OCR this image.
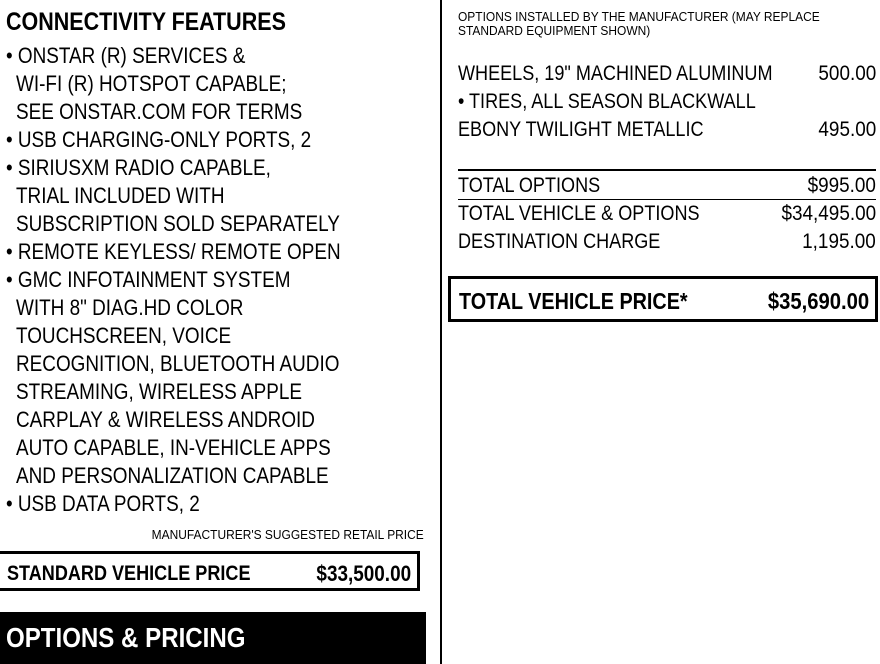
CONNECTIVITY FEATURES
• ONSTAR (R) SERVICES &
WI-FI (R) HOTSPOT CAPABLE;
SEE ONSTAR.COM FOR TERMS
• USB CHARGING-ONLY PORTS, 2
• SIRIUSXM RADIO CAPABLE,
TRIAL INCLUDED WITH
SUBSCRIPTION SOLD SEPARATELY
• REMOTE KEYLESS/ REMOTE OPEN
• GMC INFOTAINMENT SYSTEM
WITH 8" DIAG.HD COLOR
TOUCHSCREEN, VOICE
RECOGNITION, BLUETOOTH AUDIO
STREAMING, WIRELESS APPLE
CARPLAY & WIRELESS ANDROID
AUTO CAPABLE, IN-VEHICLE APPS
AND PERSONALIZATION CAPABLE
• USB DATA PORTS, 2
MANUFACTURER'S SUGGESTED RETAIL PRICE
STANDARD VEHICLE PRICE	$33,500.00
OPTIONS & PRICING
OPTIONS INSTALLED BY THE MANUFACTURER (MAY REPLACE
STANDARD EQUIPMENT SHOWN)
WHEELS, 19" MACHINED ALUMINUM 500.00
• TIRES, ALL SEASON BLACKWALL
EBONY TWILIGHT METALLIC	495.00
TOTAL OPTIONS	$995.00
TOTAL VEHICLE & OPTIONS	$34,495.00
DESTINATION CHARGE	1,195.00
TOTAL VEHICLE PRICE*	$35,690.00
